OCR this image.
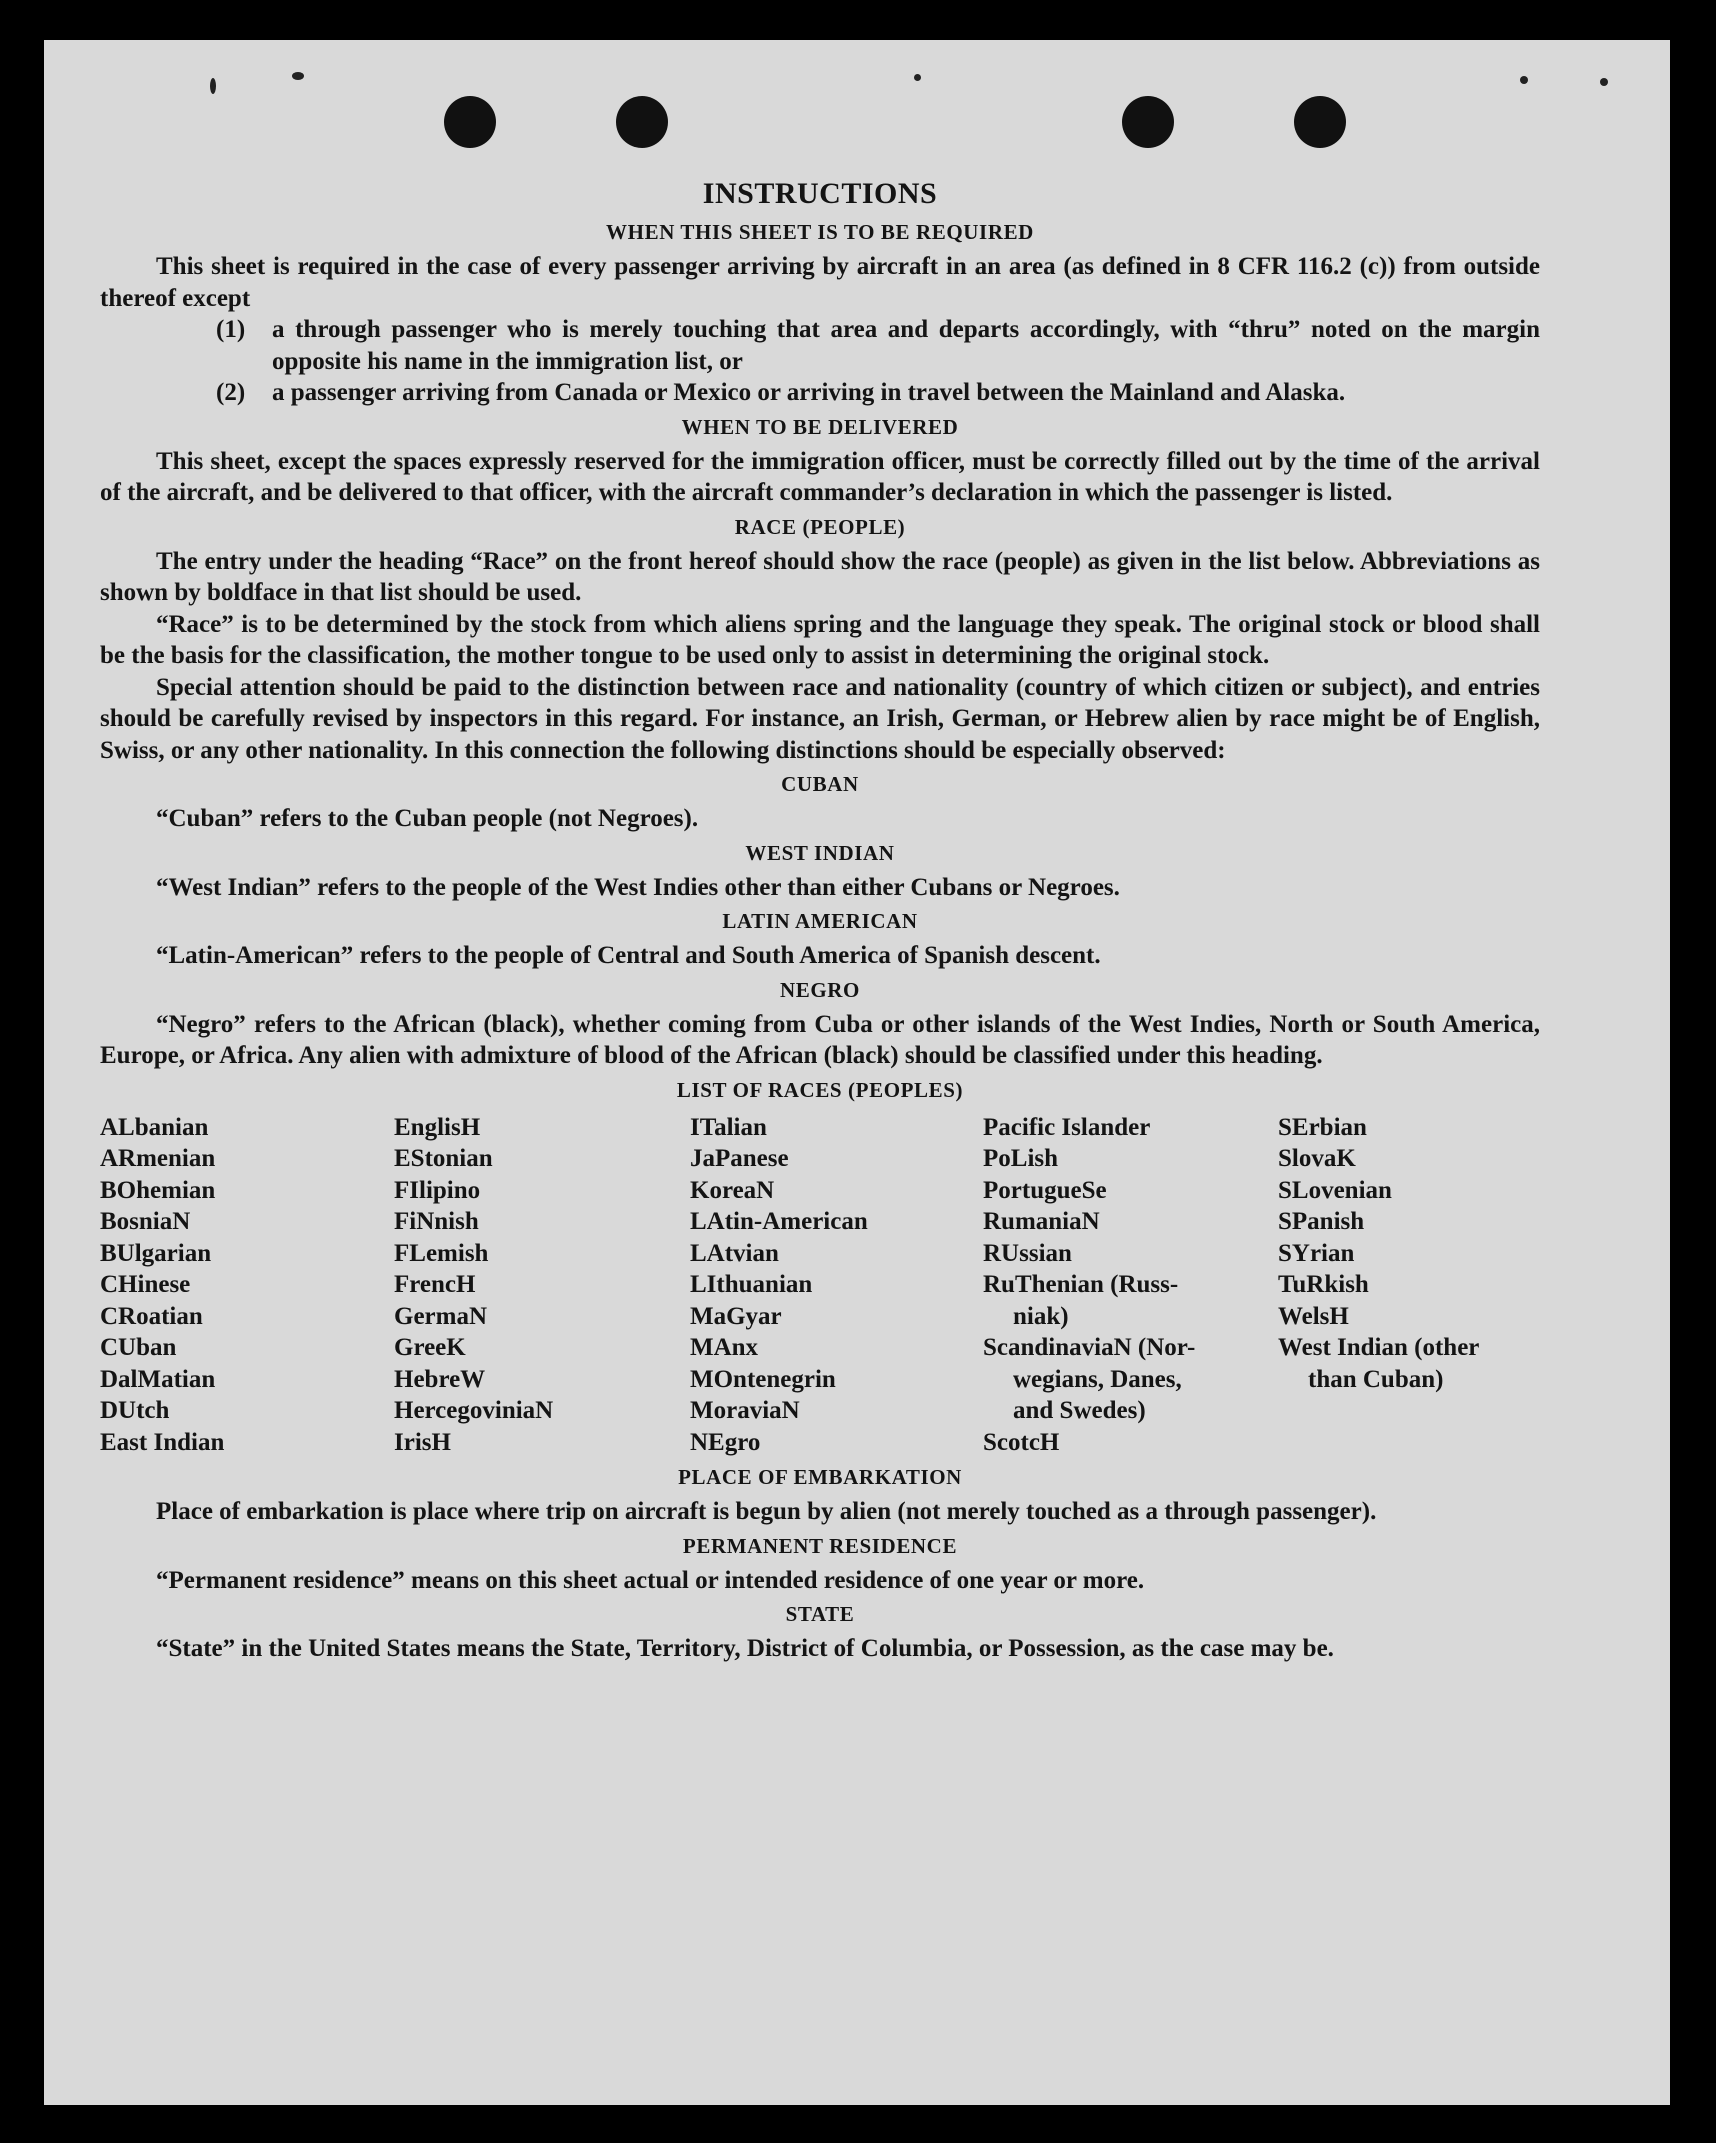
INSTRUCTIONS
WHEN THIS SHEET IS TO BE REQUIRED

This sheet is required in the case of every passenger arriving by aircraft in an area (as defined in 8 CFR 116.2 (c)) from outside thereof except

(1)	a through passenger who is merely touching that area and departs accordingly, with “thru” noted on the margin opposite his name in the immigration list, or
(2)	a passenger arriving from Canada or Mexico or arriving in travel between the Mainland and Alaska.
WHEN TO BE DELIVERED

This sheet, except the spaces expressly reserved for the immigration officer, must be correctly filled out by the time of the arrival of the aircraft, and be delivered to that officer, with the aircraft commander’s declaration in which the passenger is listed.

RACE (PEOPLE)

The entry under the heading “Race” on the front hereof should show the race (people) as given in the list below. Abbreviations as shown by boldface in that list should be used.

“Race” is to be determined by the stock from which aliens spring and the language they speak. The original stock or blood shall be the basis for the classification, the mother tongue to be used only to assist in determining the original stock.

Special attention should be paid to the distinction between race and nationality (country of which citizen or subject), and entries should be carefully revised by inspectors in this regard. For instance, an Irish, German, or Hebrew alien by race might be of English, Swiss, or any other nationality. In this connection the following distinctions should be especially observed:

CUBAN

“Cuban” refers to the Cuban people (not Negroes).

WEST INDIAN

“West Indian” refers to the people of the West Indies other than either Cubans or Negroes.

LATIN AMERICAN

“Latin-American” refers to the people of Central and South America of Spanish descent.

NEGRO

“Negro” refers to the African (black), whether coming from Cuba or other islands of the West Indies, North or South America, Europe, or Africa. Any alien with admixture of blood of the African (black) should be classified under this heading.

LIST OF RACES (PEOPLES)
ALbanian
ARmenian
BOhemian
BosniaN
BUlgarian
CHinese
CRoatian
CUban
DalMatian
DUtch
East Indian
EnglisH
EStonian
FIlipino
FiNnish
FLemish
FrencH
GermaN
GreeK
HebreW
HercegoviniaN
IrisH
ITalian
JaPanese
KoreaN
LAtin-American
LAtvian
LIthuanian
MaGyar
MAnx
MOntenegrin
MoraviaN
NEgro
Pacific Islander
PoLish
PortugueSe
RumaniaN
RUssian
RuThenian (Russ-
niak)
ScandinaviaN (Nor-
wegians, Danes,
and Swedes)
ScotcH
SErbian
SlovaK
SLovenian
SPanish
SYrian
TuRkish
WelsH
West Indian (other
than Cuban)
PLACE OF EMBARKATION

Place of embarkation is place where trip on aircraft is begun by alien (not merely touched as a through passenger).

PERMANENT RESIDENCE

“Permanent residence” means on this sheet actual or intended residence of one year or more.

STATE

“State” in the United States means the State, Territory, District of Columbia, or Possession, as the case may be.
